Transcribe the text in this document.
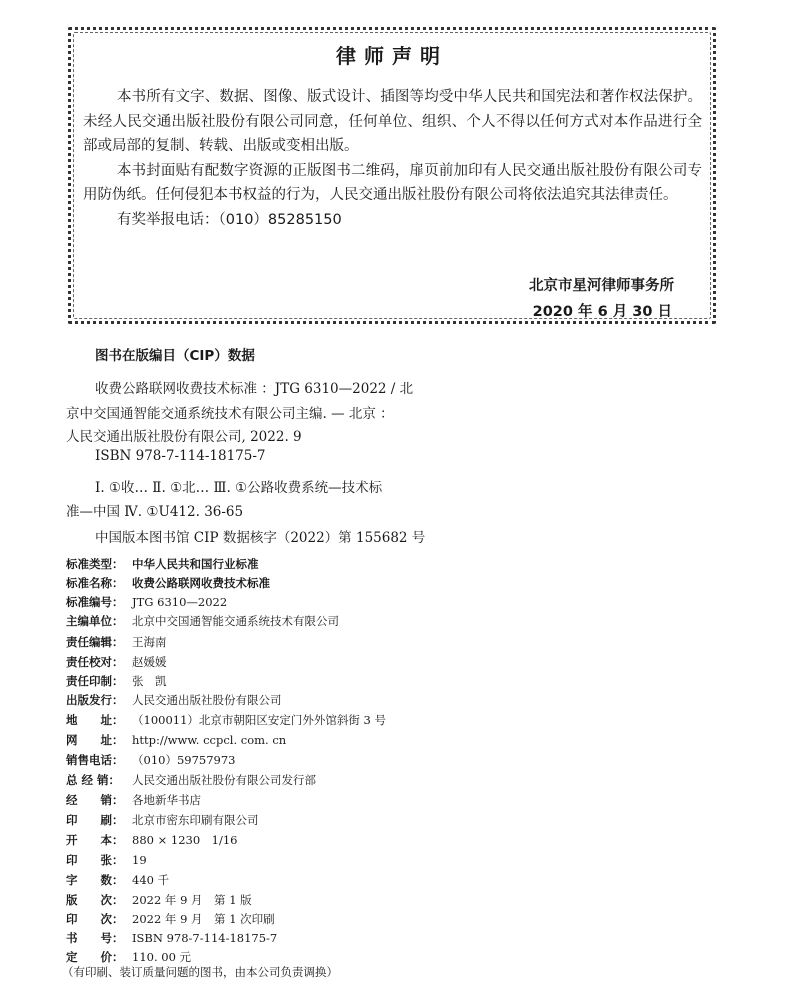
律师声明

本书所有文字、数据、图像、版式设计、插图等均受中华人民共和国宪法和著作权法保护。未经人民交通出版社股份有限公司同意，任何单位、组织、个人不得以任何方式对本作品进行全部或局部的复制、转载、出版或变相出版。

本书封面贴有配数字资源的正版图书二维码，扉页前加印有人民交通出版社股份有限公司专用防伪纸。任何侵犯本书权益的行为，人民交通出版社股份有限公司将依法追究其法律责任。

有奖举报电话：（010）85285150

北京市星河律师事务所
2020 年 6 月 30 日
图书在版编目（CIP）数据
收费公路联网收费技术标准 ：JTG 6310—2022 / 北
京中交国通智能交通系统技术有限公司主编. — 北京 ：
人民交通出版社股份有限公司, 2022. 9
ISBN 978-7-114-18175-7
Ⅰ. ①收… Ⅱ. ①北… Ⅲ. ①公路收费系统—技术标
准—中国 Ⅳ. ①U412. 36-65
中国版本图书馆 CIP 数据核字（2022）第 155682 号
标准类型： 中华人民共和国行业标准
标准名称： 收费公路联网收费技术标准
标准编号： JTG 6310—2022
主编单位： 北京中交国通智能交通系统技术有限公司
责任编辑： 王海南
责任校对： 赵媛媛
责任印制： 张　凯
出版发行： 人民交通出版社股份有限公司
地　　址： （100011）北京市朝阳区安定门外外馆斜街 3 号
网　　址： http://www. ccpcl. com. cn
销售电话： （010）59757973
总 经 销： 人民交通出版社股份有限公司发行部
经　　销： 各地新华书店
印　　刷： 北京市密东印刷有限公司
开　　本： 880 × 1230　1/16
印　　张： 19
字　　数： 440 千
版　　次： 2022 年 9 月　第 1 版
印　　次： 2022 年 9 月　第 1 次印刷
书　　号： ISBN 978-7-114-18175-7
定　　价： 110. 00 元
（有印刷、装订质量问题的图书，由本公司负责调换）
